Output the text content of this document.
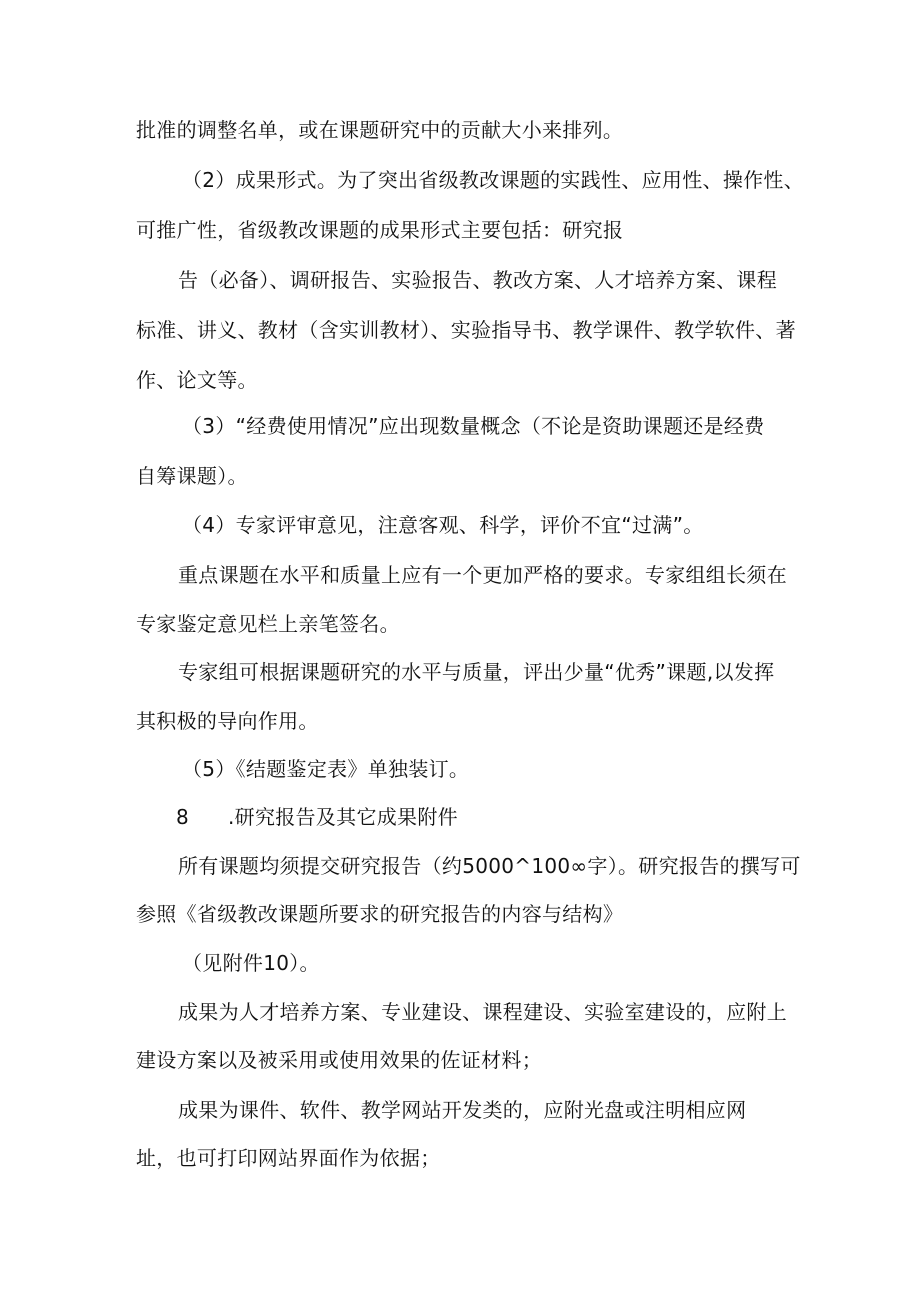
批准的调整名单，或在课题研究中的贡献大小来排列。
（2）成果形式。为了突出省级教改课题的实践性、应用性、操作性、
可推广性，省级教改课题的成果形式主要包括：研究报
告（必备）、调研报告、实验报告、教改方案、人才培养方案、课程
标准、讲义、教材（含实训教材）、实验指导书、教学课件、教学软件、著
作、论文等。
（3）“经费使用情况”应出现数量概念（不论是资助课题还是经费
自筹课题）。
（4）专家评审意见，注意客观、科学，评价不宜“过满”。
重点课题在水平和质量上应有一个更加严格的要求。专家组组长须在
专家鉴定意见栏上亲笔签名。
专家组可根据课题研究的水平与质量，评出少量“优秀”课题,以发挥
其积极的导向作用。
（5）《结题鉴定表》单独装订。
8 .研究报告及其它成果附件
所有课题均须提交研究报告（约5000^100∞字）。研究报告的撰写可
参照《省级教改课题所要求的研究报告的内容与结构》
（见附件10）。
成果为人才培养方案、专业建设、课程建设、实验室建设的，应附上
建设方案以及被采用或使用效果的佐证材料；
成果为课件、软件、教学网站开发类的，应附光盘或注明相应网
址，也可打印网站界面作为依据；
